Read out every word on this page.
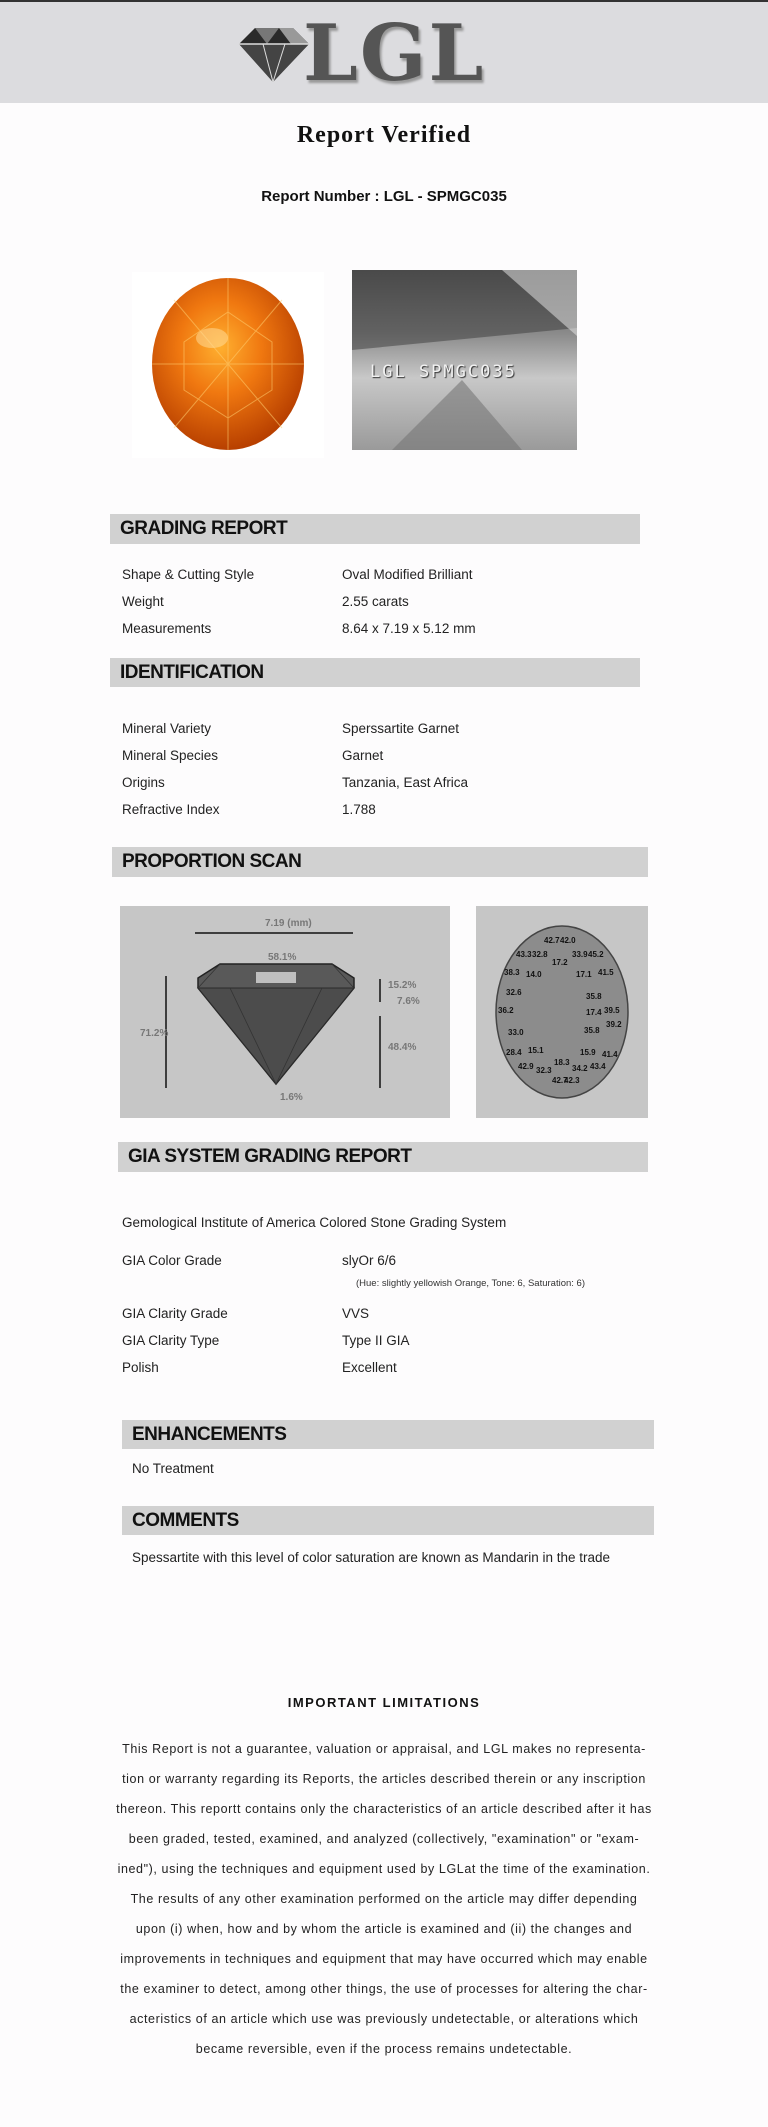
LGL
Report Verified
Report Number : LGL - SPMGC035
LGL SPMGC035
GRADING REPORT
Shape & Cutting Style	Oval Modified Brilliant
Weight	2.55 carats
Measurements	8.64 x 7.19 x 5.12 mm
IDENTIFICATION
Mineral Variety	Sperssartite Garnet
Mineral Species	Garnet
Origins	Tanzania, East Africa
Refractive Index	1.788
PROPORTION SCAN
7.19 (mm)
58.1%
71.2%
15.2%
7.6%
48.4%
1.6%
42.7 42.0
43.3 32.8
17.2
33.9 45.2
38.3 14.0	17.1 41.5
32.6	35.8
36.2	39.5
17.4
39.2
33.0	35.8
28.4 15.1	15.9 41.4
18.3
42.9 32.3	34.2 43.4
42.7
42.3
GIA SYSTEM GRADING REPORT
Gemological Institute of America Colored Stone Grading System
GIA Color Grade	slyOr 6/6
(Hue: slightly yellowish Orange, Tone: 6, Saturation: 6)
GIA Clarity Grade	VVS
GIA Clarity Type	Type II GIA
Polish	Excellent
ENHANCEMENTS
No Treatment
COMMENTS
Spessartite with this level of color saturation are known as Mandarin in the trade
IMPORTANT LIMITATIONS
This Report is not a guarantee, valuation or appraisal, and LGL makes no representa-
tion or warranty regarding its Reports, the articles described therein or any inscription
thereon. This reportt contains only the characteristics of an article described after it has
been graded, tested, examined, and analyzed (collectively, "examination" or "exam-
ined"), using the techniques and equipment used by LGLat the time of the examination.
The results of any other examination performed on the article may differ depending
upon (i) when, how and by whom the article is examined and (ii) the changes and
improvements in techniques and equipment that may have occurred which may enable
the examiner to detect, among other things, the use of processes for altering the char-
acteristics of an article which use was previously undetectable, or alterations which
became reversible, even if the process remains undetectable.
